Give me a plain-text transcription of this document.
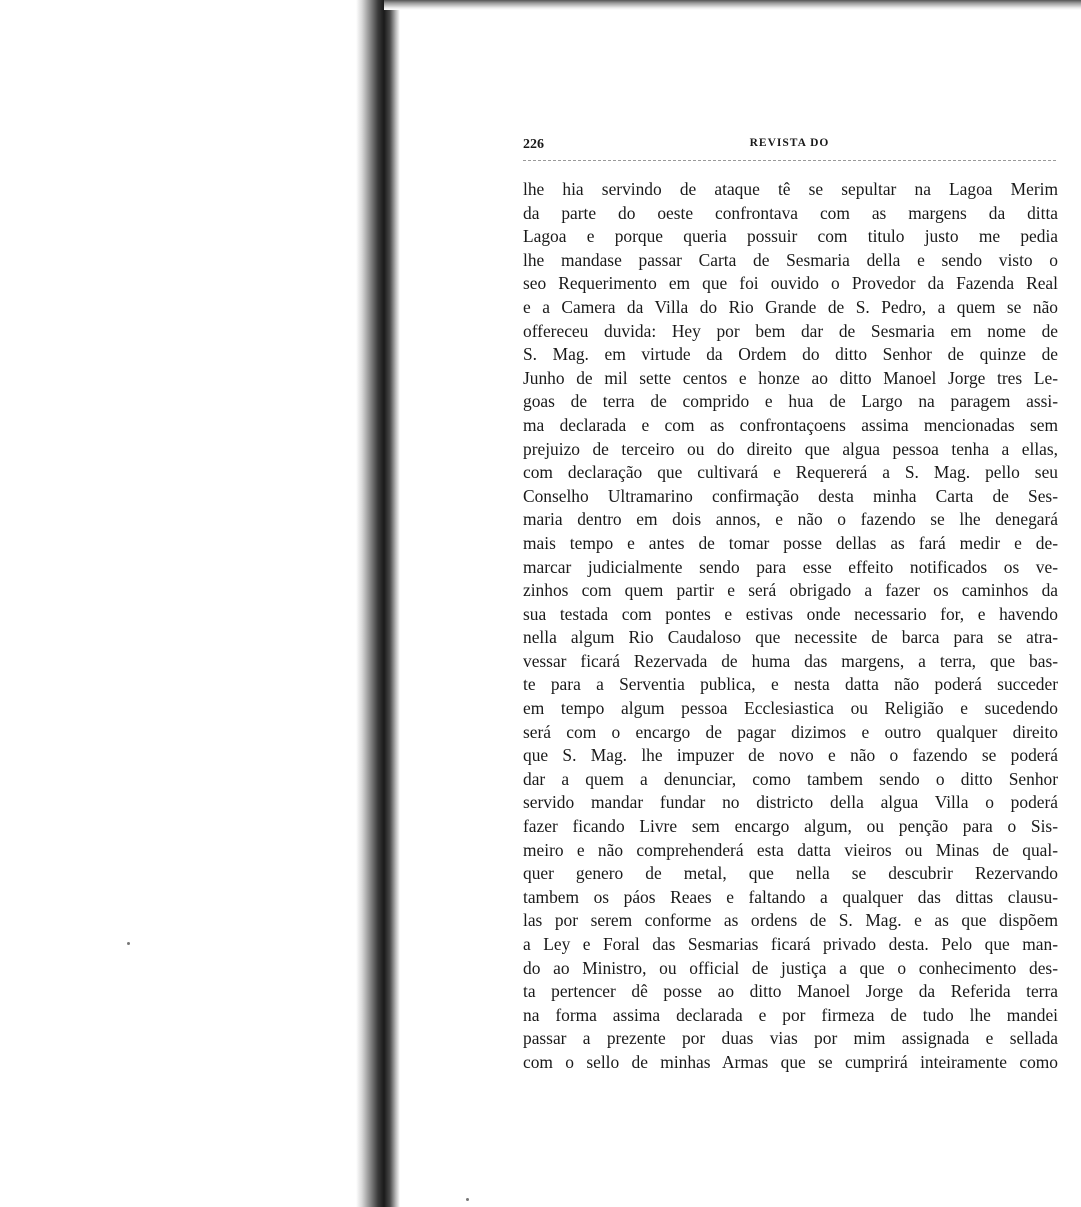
226	REVISTA DO
lhe hia servindo de ataque tê se sepultar na Lagoa Merim
da parte do oeste confrontava com as margens da ditta
Lagoa e porque queria possuir com titulo justo me pedia
lhe mandase passar Carta de Sesmaria della e sendo visto o
seo Requerimento em que foi ouvido o Provedor da Fazenda Real
e a Camera da Villa do Rio Grande de S. Pedro, a quem se não
offereceu duvida: Hey por bem dar de Sesmaria em nome de
S. Mag. em virtude da Ordem do ditto Senhor de quinze de
Junho de mil sette centos e honze ao ditto Manoel Jorge tres Le-
goas de terra de comprido e hua de Largo na paragem assi-
ma declarada e com as confrontaçoens assima mencionadas sem
prejuizo de terceiro ou do direito que algua pessoa tenha a ellas,
com declaração que cultivará e Requererá a S. Mag. pello seu
Conselho Ultramarino confirmação desta minha Carta de Ses-
maria dentro em dois annos, e não o fazendo se lhe denegará
mais tempo e antes de tomar posse dellas as fará medir e de-
marcar judicialmente sendo para esse effeito notificados os ve-
zinhos com quem partir e será obrigado a fazer os caminhos da
sua testada com pontes e estivas onde necessario for, e havendo
nella algum Rio Caudaloso que necessite de barca para se atra-
vessar ficará Rezervada de huma das margens, a terra, que bas-
te para a Serventia publica, e nesta datta não poderá succeder
em tempo algum pessoa Ecclesiastica ou Religião e sucedendo
será com o encargo de pagar dizimos e outro qualquer direito
que S. Mag. lhe impuzer de novo e não o fazendo se poderá
dar a quem a denunciar, como tambem sendo o ditto Senhor
servido mandar fundar no districto della algua Villa o poderá
fazer ficando Livre sem encargo algum, ou penção para o Sis-
meiro e não comprehenderá esta datta vieiros ou Minas de qual-
quer genero de metal, que nella se descubrir Rezervando
tambem os páos Reaes e faltando a qualquer das dittas clausu-
las por serem conforme as ordens de S. Mag. e as que dispõem
a Ley e Foral das Sesmarias ficará privado desta. Pelo que man-
do ao Ministro, ou official de justiça a que o conhecimento des-
ta pertencer dê posse ao ditto Manoel Jorge da Referida terra
na forma assima declarada e por firmeza de tudo lhe mandei
passar a prezente por duas vias por mim assignada e sellada
com o sello de minhas Armas que se cumprirá inteiramente como
